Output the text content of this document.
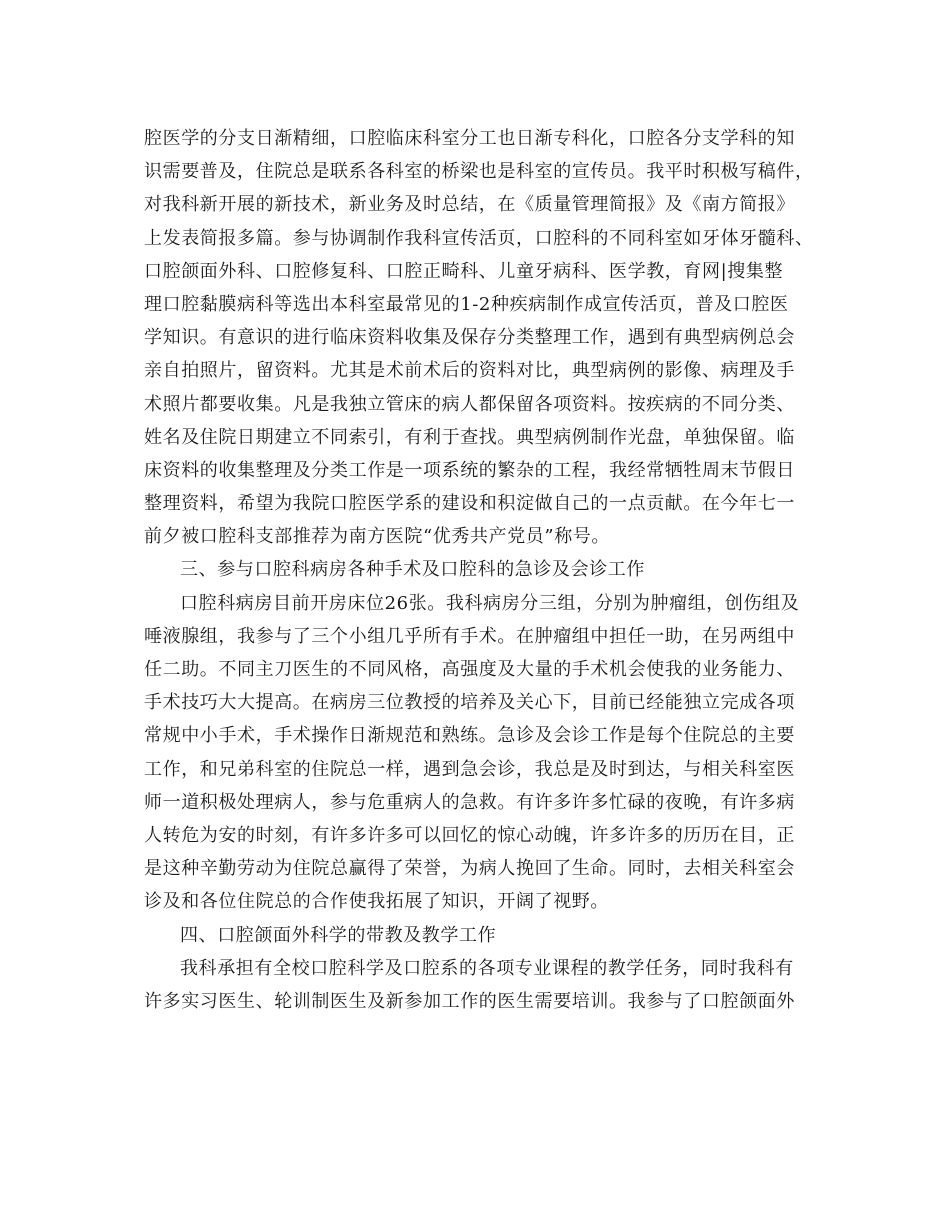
腔医学的分支日渐精细，口腔临床科室分工也日渐专科化，口腔各分支学科的知
识需要普及，住院总是联系各科室的桥梁也是科室的宣传员。我平时积极写稿件，
对我科新开展的新技术，新业务及时总结，在《质量管理简报》及《南方简报》
上发表简报多篇。参与协调制作我科宣传活页，口腔科的不同科室如牙体牙髓科、
口腔颌面外科、口腔修复科、口腔正畸科、儿童牙病科、医学教，育网|搜集整
理口腔黏膜病科等选出本科室最常见的1-2种疾病制作成宣传活页，普及口腔医
学知识。有意识的进行临床资料收集及保存分类整理工作，遇到有典型病例总会
亲自拍照片，留资料。尤其是术前术后的资料对比，典型病例的影像、病理及手
术照片都要收集。凡是我独立管床的病人都保留各项资料。按疾病的不同分类、
姓名及住院日期建立不同索引，有利于查找。典型病例制作光盘，单独保留。临
床资料的收集整理及分类工作是一项系统的繁杂的工程，我经常牺牲周末节假日
整理资料，希望为我院口腔医学系的建设和积淀做自己的一点贡献。在今年七一
前夕被口腔科支部推荐为南方医院“优秀共产党员”称号。
三、参与口腔科病房各种手术及口腔科的急诊及会诊工作
口腔科病房目前开房床位26张。我科病房分三组，分别为肿瘤组，创伤组及
唾液腺组，我参与了三个小组几乎所有手术。在肿瘤组中担任一助，在另两组中
任二助。不同主刀医生的不同风格，高强度及大量的手术机会使我的业务能力、
手术技巧大大提高。在病房三位教授的培养及关心下，目前已经能独立完成各项
常规中小手术，手术操作日渐规范和熟练。急诊及会诊工作是每个住院总的主要
工作，和兄弟科室的住院总一样，遇到急会诊，我总是及时到达，与相关科室医
师一道积极处理病人，参与危重病人的急救。有许多许多忙碌的夜晚，有许多病
人转危为安的时刻，有许多许多可以回忆的惊心动魄，许多许多的历历在目，正
是这种辛勤劳动为住院总赢得了荣誉，为病人挽回了生命。同时，去相关科室会
诊及和各位住院总的合作使我拓展了知识，开阔了视野。
四、口腔颌面外科学的带教及教学工作
我科承担有全校口腔科学及口腔系的各项专业课程的教学任务，同时我科有
许多实习医生、轮训制医生及新参加工作的医生需要培训。我参与了口腔颌面外
